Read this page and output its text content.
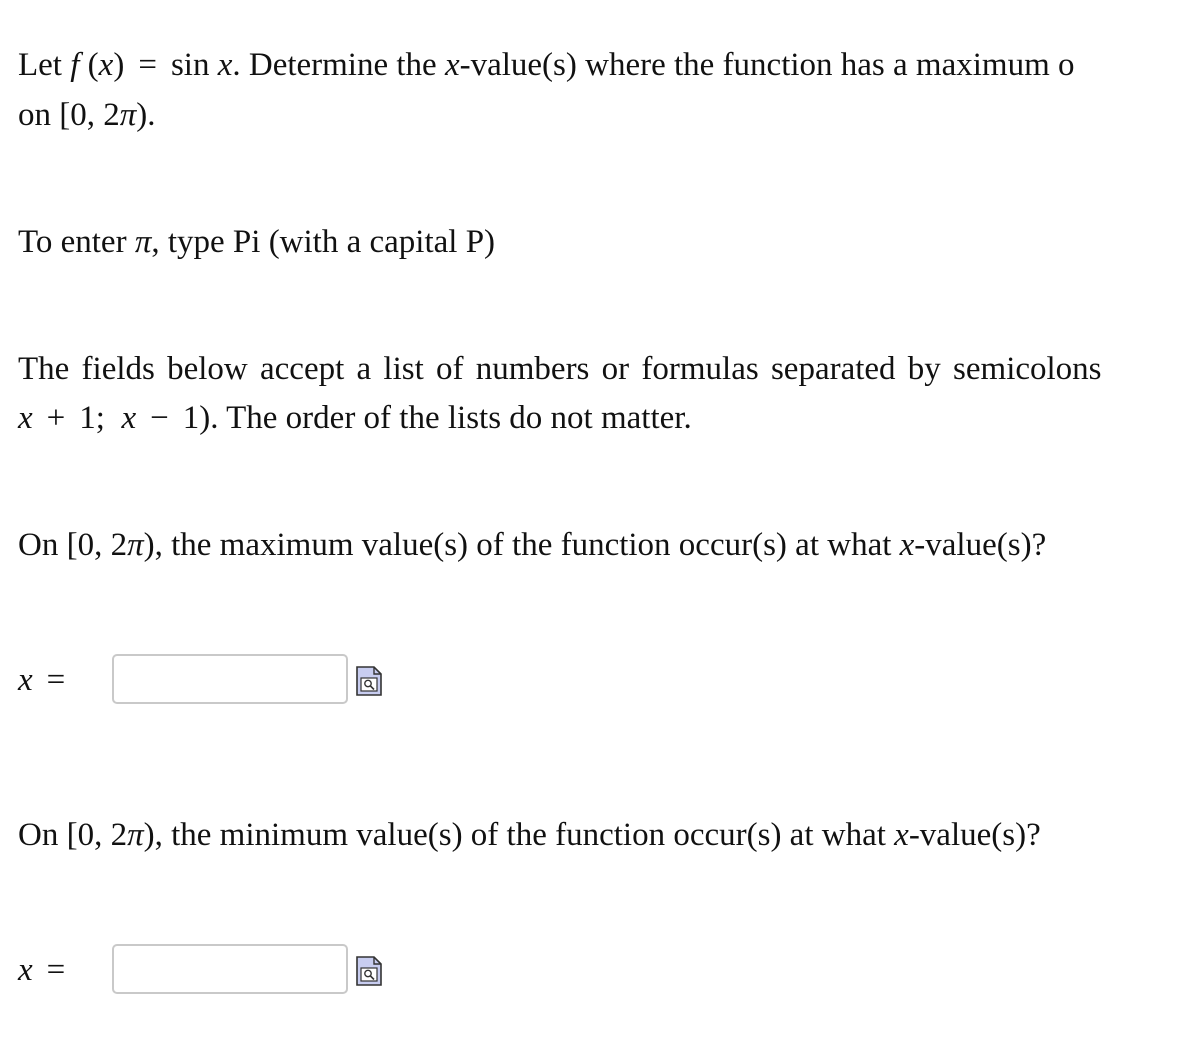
Let f (x) = sin x. Determine the x-value(s) where the function has a maximum o
on [0, 2π).
To enter π, type Pi (with a capital P)
The fields below accept a list of numbers or formulas separated by semicolons
x + 1; x − 1). The order of the lists do not matter.
On [0, 2π), the maximum value(s) of the function occur(s) at what x-value(s)?
x =
On [0, 2π), the minimum value(s) of the function occur(s) at what x-value(s)?
x =
